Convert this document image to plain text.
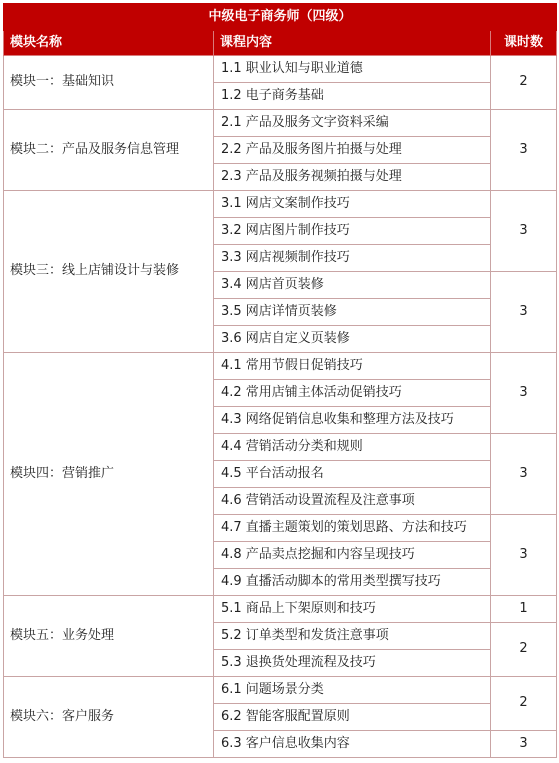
中级电子商务师（四级）		
模块名称	课程内容	课时数
模块一：基础知识	1.1 职业认知与职业道德	2
	1.2 电子商务基础	
模块二：产品及服务信息管理	2.1 产品及服务文字资料采编	3
	2.2 产品及服务图片拍摄与处理	
	2.3 产品及服务视频拍摄与处理	
模块三：线上店铺设计与装修	3.1 网店文案制作技巧	3
	3.2 网店图片制作技巧	
	3.3 网店视频制作技巧	
	3.4 网店首页装修	3
	3.5 网店详情页装修	
	3.6 网店自定义页装修	
模块四：营销推广	4.1 常用节假日促销技巧	3
	4.2 常用店铺主体活动促销技巧	
	4.3 网络促销信息收集和整理方法及技巧	
	4.4 营销活动分类和规则	3
	4.5 平台活动报名	
	4.6 营销活动设置流程及注意事项	
	4.7 直播主题策划的策划思路、方法和技巧	3
	4.8 产品卖点挖掘和内容呈现技巧	
	4.9 直播活动脚本的常用类型撰写技巧	
模块五：业务处理	5.1 商品上下架原则和技巧	1
	5.2 订单类型和发货注意事项	2
	5.3 退换货处理流程及技巧	
模块六：客户服务	6.1 问题场景分类	2
	6.2 智能客服配置原则	
	6.3 客户信息收集内容	3
